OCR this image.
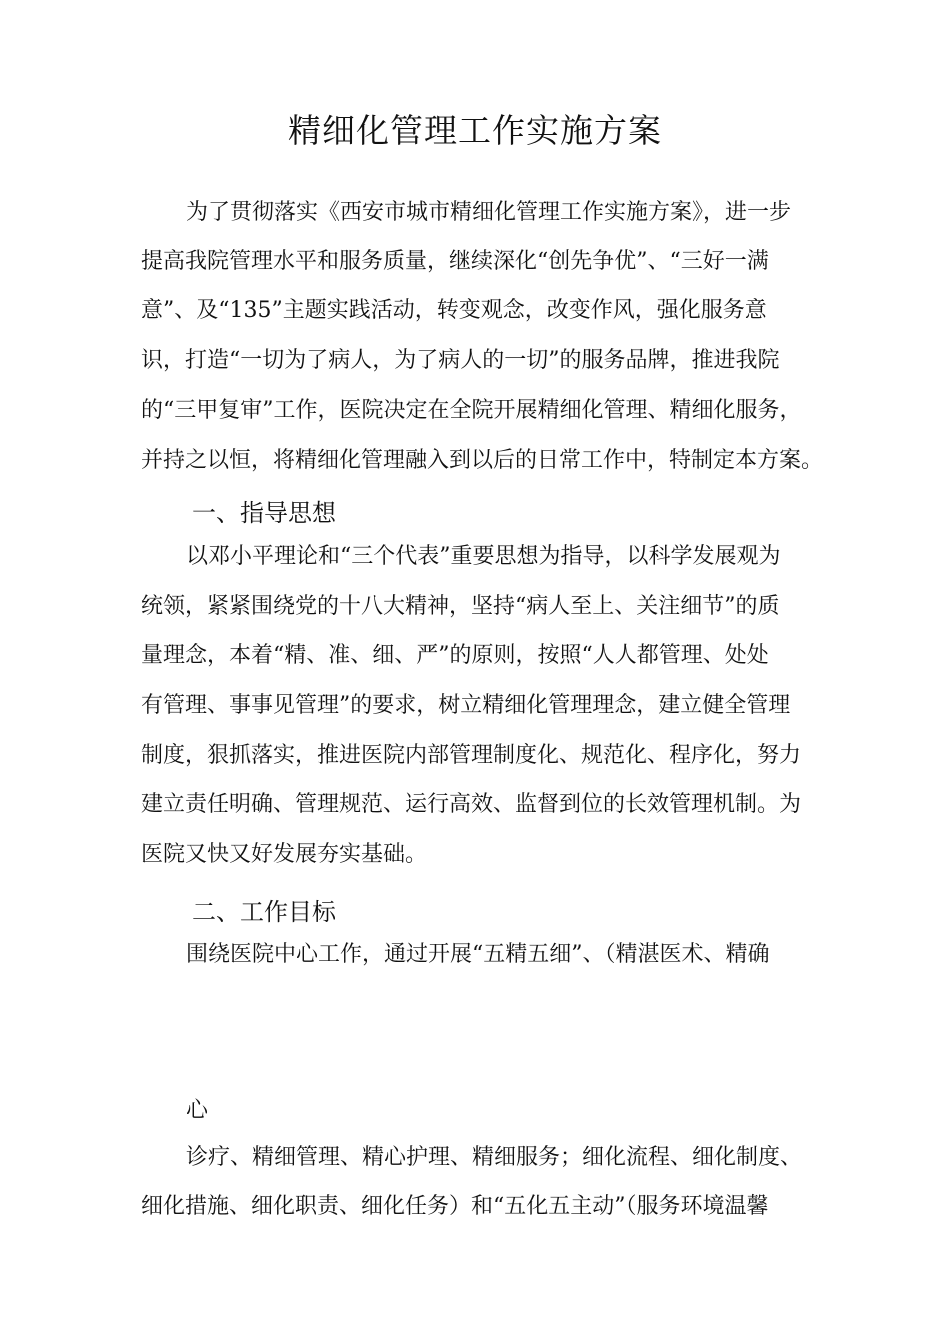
精细化管理工作实施方案
为了贯彻落实《西安市城市精细化管理工作实施方案》，进一步
提高我院管理水平和服务质量，继续深化“创先争优”、“三好一满
意”、及“135”主题实践活动，转变观念，改变作风，强化服务意
识，打造“一切为了病人，为了病人的一切”的服务品牌，推进我院
的“三甲复审”工作，医院决定在全院开展精细化管理、精细化服务，
并持之以恒，将精细化管理融入到以后的日常工作中，特制定本方案。
一、指导思想
以邓小平理论和“三个代表”重要思想为指导，以科学发展观为
统领，紧紧围绕党的十八大精神，坚持“病人至上、关注细节”的质
量理念，本着“精、准、细、严”的原则，按照“人人都管理、处处
有管理、事事见管理”的要求，树立精细化管理理念，建立健全管理
制度，狠抓落实，推进医院内部管理制度化、规范化、程序化，努力
建立责任明确、管理规范、运行高效、监督到位的长效管理机制。为
医院又快又好发展夯实基础。
二、工作目标
围绕医院中心工作，通过开展“五精五细”、（精湛医术、精确
心
诊疗、精细管理、精心护理、精细服务；细化流程、细化制度、
细化措施、细化职责、细化任务）和“五化五主动”（服务环境温馨
